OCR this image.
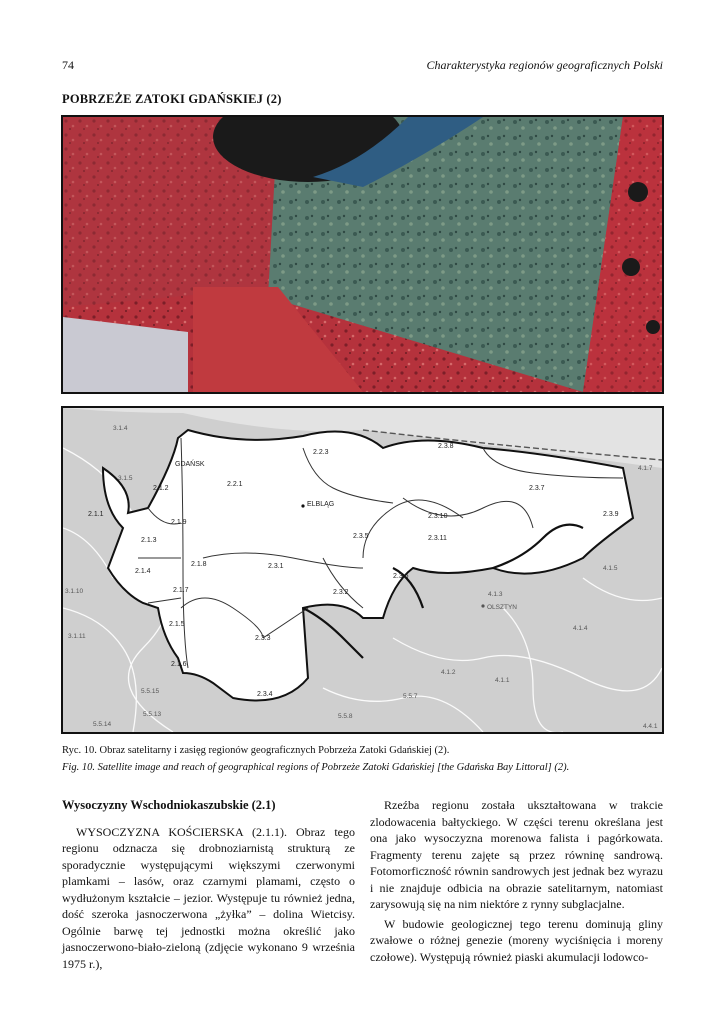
74	Charakterystyka regionów geograficznych Polski
POBRZEŻE ZATOKI GDAŃSKIEJ (2)
GDAŃSK
ELBLĄG
OLSZTYN
2.1.1
2.1.2
2.1.3
2.1.4
2.1.5
2.1.6
2.1.7
2.1.8
2.1.9
2.2.1
2.2.3
2.3.1
2.3.2
2.3.3
2.3.4
2.3.5
2.3.6
2.3.7
2.3.8
2.3.9
2.3.10
2.3.11
3.1.4
3.1.5
3.1.10
3.1.11
5.5.15
5.5.13
5.5.14
5.5.7
5.5.8
4.1.7
4.1.5
4.1.3
4.1.4
4.1.2
4.1.1
4.4.1
Ryc. 10. Obraz satelitarny i zasięg regionów geograficznych Pobrzeża Zatoki Gdańskiej (2).
Fig. 10. Satellite image and reach of geographical regions of Pobrzeże Zatoki Gdańskiej [the Gdańska Bay Littoral] (2).
Wysoczyzny Wschodniokaszubskie (2.1)

WYSOCZYZNA KOŚCIERSKA (2.1.1). Obraz tego regionu odznacza się drobnoziarnistą strukturą ze sporadycznie występującymi większymi czerwonymi plamkami – lasów, oraz czarnymi plamami, często o wydłużonym kształcie – jezior. Występuje tu również jedna, dość szeroka jasnoczerwona „żyłka” – dolina Wietcisy. Ogólnie barwę tej jednostki można określić jako jasnoczerwono-biało-zieloną (zdjęcie wykonano 9 września 1975 r.),

Rzeźba regionu została ukształtowana w trakcie zlodowacenia bałtyckiego. W części terenu określana jest ona jako wysoczyzna morenowa falista i pagórkowata. Fragmenty terenu zajęte są przez równinę sandrową. Fotomorficzność równin sandrowych jest jednak bez wyrazu i nie znajduje odbicia na obrazie satelitarnym, natomiast zarysowują się na nim niektóre z rynny subglacjalne.

W budowie geologicznej tego terenu dominują gliny zwałowe o różnej genezie (moreny wyciśnięcia i moreny czołowe). Występują również piaski akumulacji lodowco-
